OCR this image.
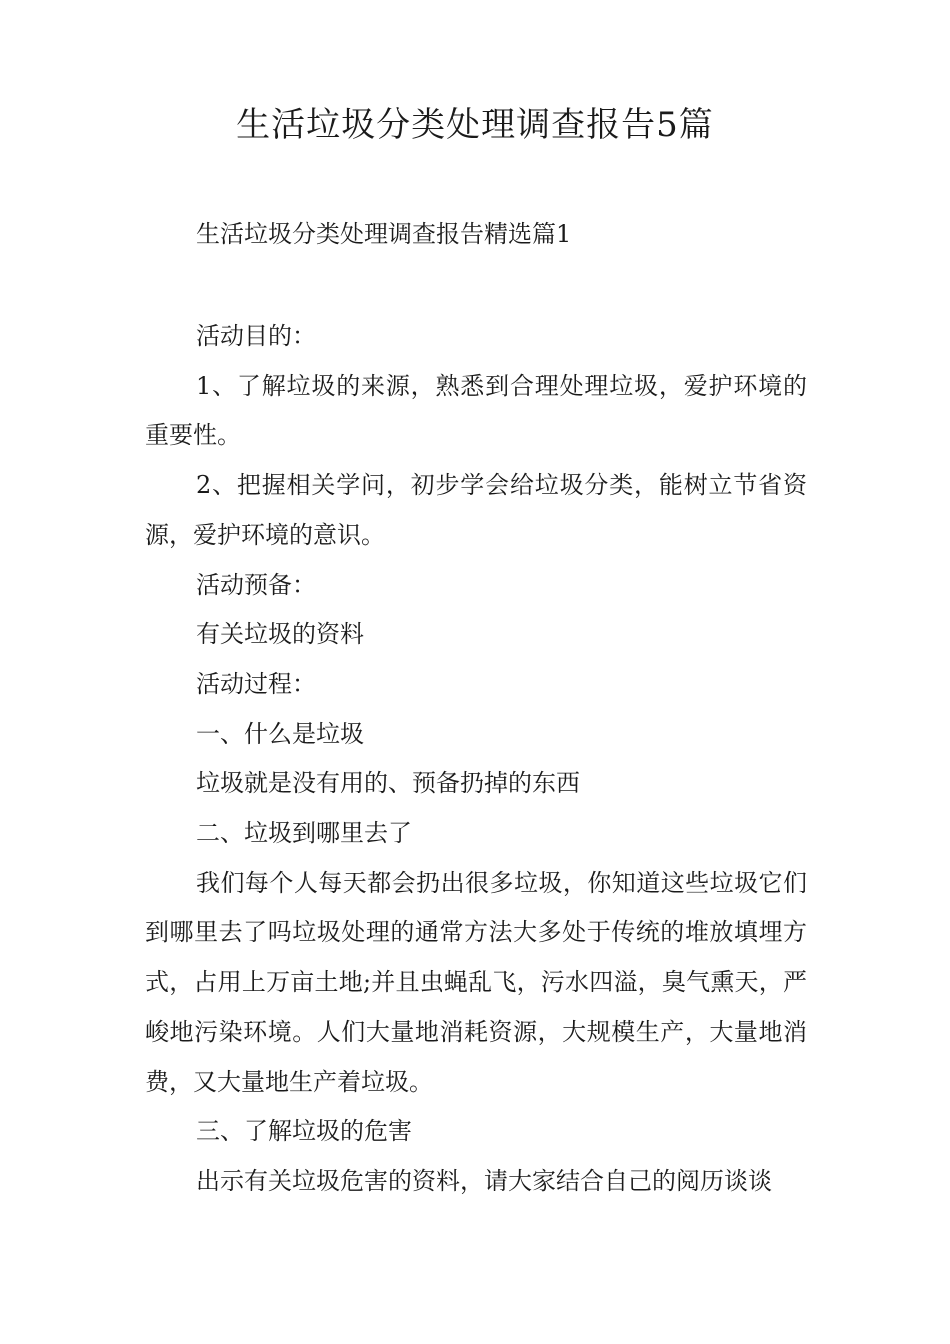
生活垃圾分类处理调查报告5篇
生活垃圾分类处理调查报告精选篇1

活动目的：

1、了解垃圾的来源，熟悉到合理处理垃圾，爱护环境的重要性。

2、把握相关学问，初步学会给垃圾分类，能树立节省资源，爱护环境的意识。

活动预备：

有关垃圾的资料

活动过程：

一、什么是垃圾

垃圾就是没有用的、预备扔掉的东西

二、垃圾到哪里去了

我们每个人每天都会扔出很多垃圾，你知道这些垃圾它们到哪里去了吗垃圾处理的通常方法大多处于传统的堆放填埋方式，占用上万亩土地;并且虫蝇乱飞，污水四溢，臭气熏天，严峻地污染环境。人们大量地消耗资源，大规模生产，大量地消费，又大量地生产着垃圾。

三、了解垃圾的危害

出示有关垃圾危害的资料，请大家结合自己的阅历谈谈
